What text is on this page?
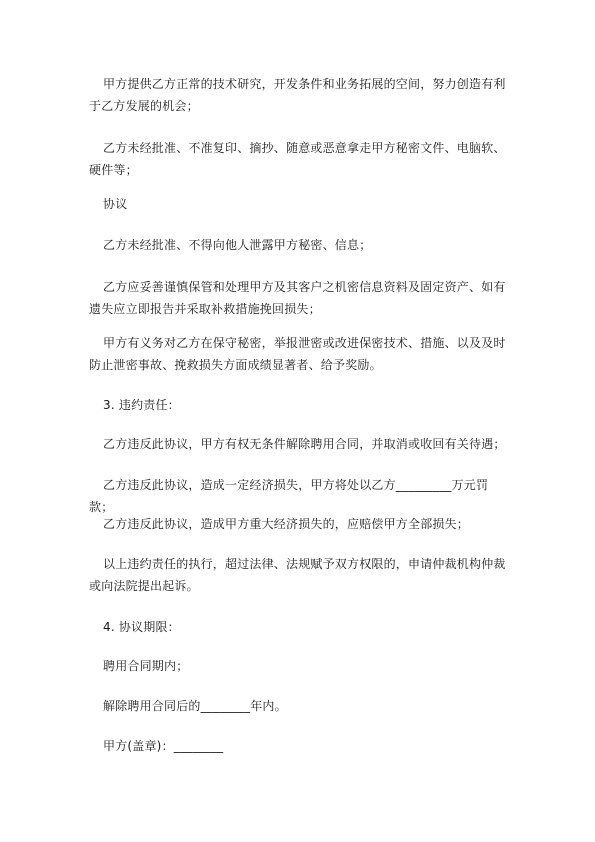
甲方提供乙方正常的技术研究，开发条件和业务拓展的空间，努力创造有利于乙方发展的机会；
乙方未经批准、不准复印、摘抄、随意或恶意拿走甲方秘密文件、电脑软、硬件等；
协议
乙方未经批准、不得向他人泄露甲方秘密、信息；
乙方应妥善谨慎保管和处理甲方及其客户之机密信息资料及固定资产、如有遗失应立即报告并采取补救措施挽回损失；
甲方有义务对乙方在保守秘密，举报泄密或改进保密技术、措施、以及及时防止泄密事故、挽救损失方面成绩显著者、给予奖励。
3. 违约责任：
乙方违反此协议，甲方有权无条件解除聘用合同，并取消或收回有关待遇；
乙方违反此协议，造成一定经济损失，甲方将处以乙方_________万元罚款；
乙方违反此协议，造成甲方重大经济损失的，应赔偿甲方全部损失；
以上违约责任的执行，超过法律、法规赋予双方权限的，申请仲裁机构仲裁或向法院提出起诉。
4. 协议期限：
聘用合同期内；
解除聘用合同后的________年内。
甲方(盖章)：________
